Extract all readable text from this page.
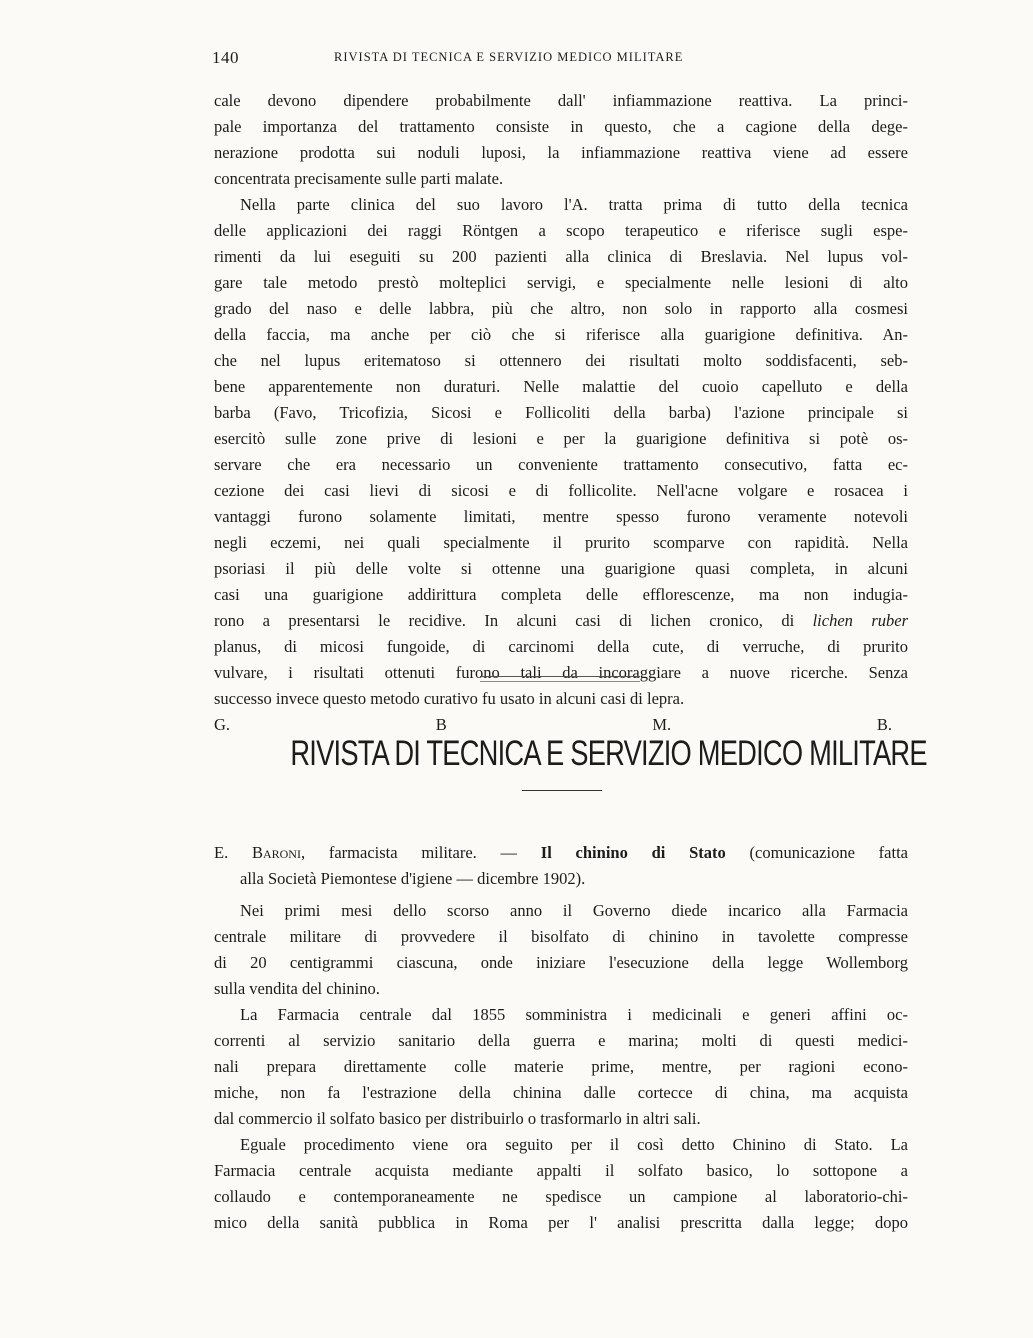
140	RIVISTA DI TECNICA E SERVIZIO MEDICO MILITARE
cale devono dipendere probabilmente dall' infiammazione reattiva. La princi-
pale importanza del trattamento consiste in questo, che a cagione della dege-
nerazione prodotta sui noduli luposi, la infiammazione reattiva viene ad essere
concentrata precisamente sulle parti malate.
Nella parte clinica del suo lavoro l'A. tratta prima di tutto della tecnica
delle applicazioni dei raggi Röntgen a scopo terapeutico e riferisce sugli espe-
rimenti da lui eseguiti su 200 pazienti alla clinica di Breslavia. Nel lupus vol-
gare tale metodo prestò molteplici servigi, e specialmente nelle lesioni di alto
grado del naso e delle labbra, più che altro, non solo in rapporto alla cosmesi
della faccia, ma anche per ciò che si riferisce alla guarigione definitiva. An-
che nel lupus eritematoso si ottennero dei risultati molto soddisfacenti, seb-
bene apparentemente non duraturi. Nelle malattie del cuoio capelluto e della
barba (Favo, Tricofizia, Sicosi e Follicoliti della barba) l'azione principale si
esercitò sulle zone prive di lesioni e per la guarigione definitiva si potè os-
servare che era necessario un conveniente trattamento consecutivo, fatta ec-
cezione dei casi lievi di sicosi e di follicolite. Nell'acne volgare e rosacea i
vantaggi furono solamente limitati, mentre spesso furono veramente notevoli
negli eczemi, nei quali specialmente il prurito scomparve con rapidità. Nella
psoriasi il più delle volte si ottenne una guarigione quasi completa, in alcuni
casi una guarigione addirittura completa delle efflorescenze, ma non indugia-
rono a presentarsi le recidive. In alcuni casi di lichen cronico, di lichen ruber
planus, di micosi fungoide, di carcinomi della cute, di verruche, di prurito
vulvare, i risultati ottenuti furono tali da incoraggiare a nuove ricerche. Senza
successo invece questo metodo curativo fu usato in alcuni casi di lepra.
G. B M. B.
RIVISTA DI TECNICA E SERVIZIO MEDICO MILITARE
E. Baroni, farmacista militare. — Il chinino di Stato (comunicazione fatta
alla Società Piemontese d'igiene — dicembre 1902).
Nei primi mesi dello scorso anno il Governo diede incarico alla Farmacia
centrale militare di provvedere il bisolfato di chinino in tavolette compresse
di 20 centigrammi ciascuna, onde iniziare l'esecuzione della legge Wollemborg
sulla vendita del chinino.
La Farmacia centrale dal 1855 somministra i medicinali e generi affini oc-
correnti al servizio sanitario della guerra e marina; molti di questi medici-
nali prepara direttamente colle materie prime, mentre, per ragioni econo-
miche, non fa l'estrazione della chinina dalle cortecce di china, ma acquista
dal commercio il solfato basico per distribuirlo o trasformarlo in altri sali.
Eguale procedimento viene ora seguito per il così detto Chinino di Stato. La
Farmacia centrale acquista mediante appalti il solfato basico, lo sottopone a
collaudo e contemporaneamente ne spedisce un campione al laboratorio-chi-
mico della sanità pubblica in Roma per l' analisi prescritta dalla legge; dopo
